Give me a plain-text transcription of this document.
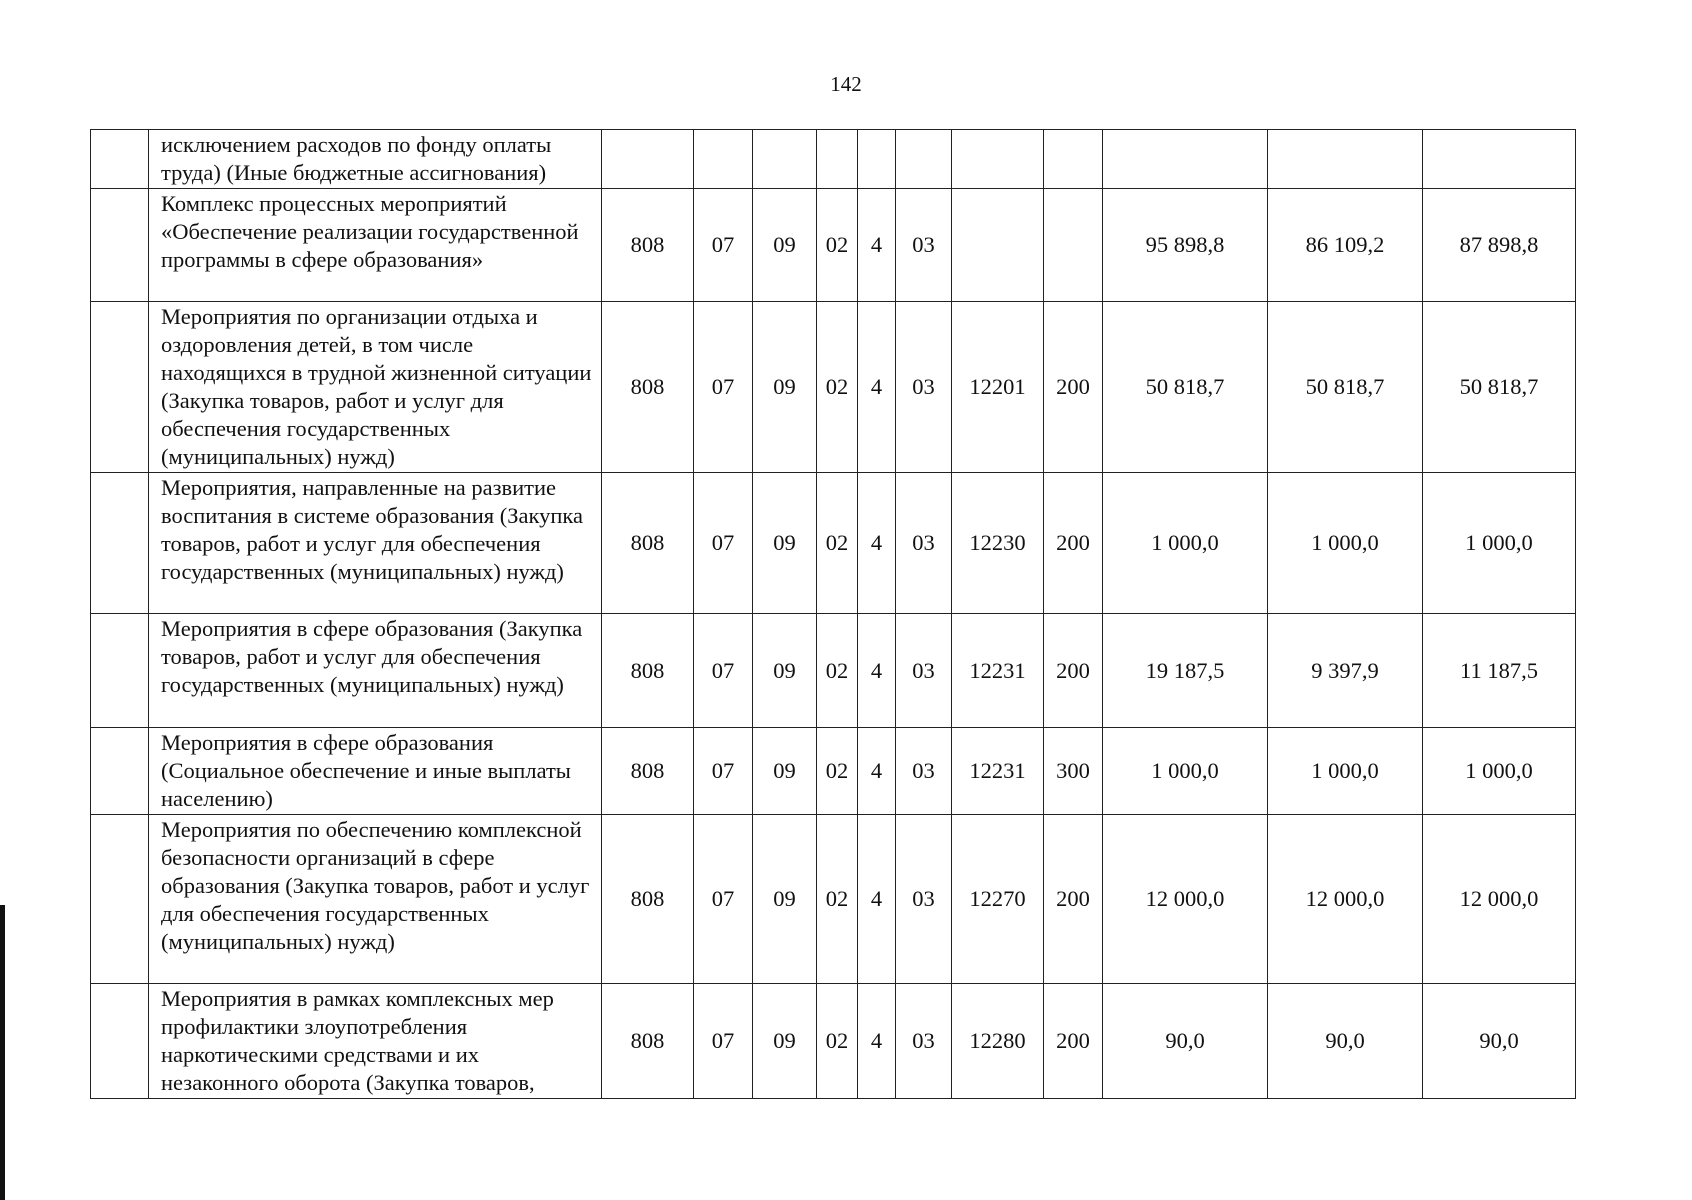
142
	исключением расходов по фонду оплаты труда) (Иные бюджетные ассигнования)											
	Комплекс процессных мероприятий «Обеспечение реализации государственной программы в сфере образования»	808	07	09	02	4	03			95 898,8	86 109,2	87 898,8
	Мероприятия по организации отдыха и оздоровления детей, в том числе находящихся в трудной жизненной ситуации (Закупка товаров, работ и услуг для обеспечения государственных (муниципальных) нужд)	808	07	09	02	4	03	12201	200	50 818,7	50 818,7	50 818,7
	Мероприятия, направленные на развитие воспитания в системе образования (Закупка товаров, работ и услуг для обеспечения государственных (муниципальных) нужд)	808	07	09	02	4	03	12230	200	1 000,0	1 000,0	1 000,0
	Мероприятия в сфере образования (Закупка товаров, работ и услуг для обеспечения государственных (муниципальных) нужд)	808	07	09	02	4	03	12231	200	19 187,5	9 397,9	11 187,5
	Мероприятия в сфере образования (Социальное обеспечение и иные выплаты населению)	808	07	09	02	4	03	12231	300	1 000,0	1 000,0	1 000,0
	Мероприятия по обеспечению комплексной безопасности организаций в сфере образования (Закупка товаров, работ и услуг для обеспечения государственных (муниципальных) нужд)	808	07	09	02	4	03	12270	200	12 000,0	12 000,0	12 000,0
	Мероприятия в рамках комплексных мер профилактики злоупотребления наркотическими средствами и их незаконного оборота (Закупка товаров,	808	07	09	02	4	03	12280	200	90,0	90,0	90,0
